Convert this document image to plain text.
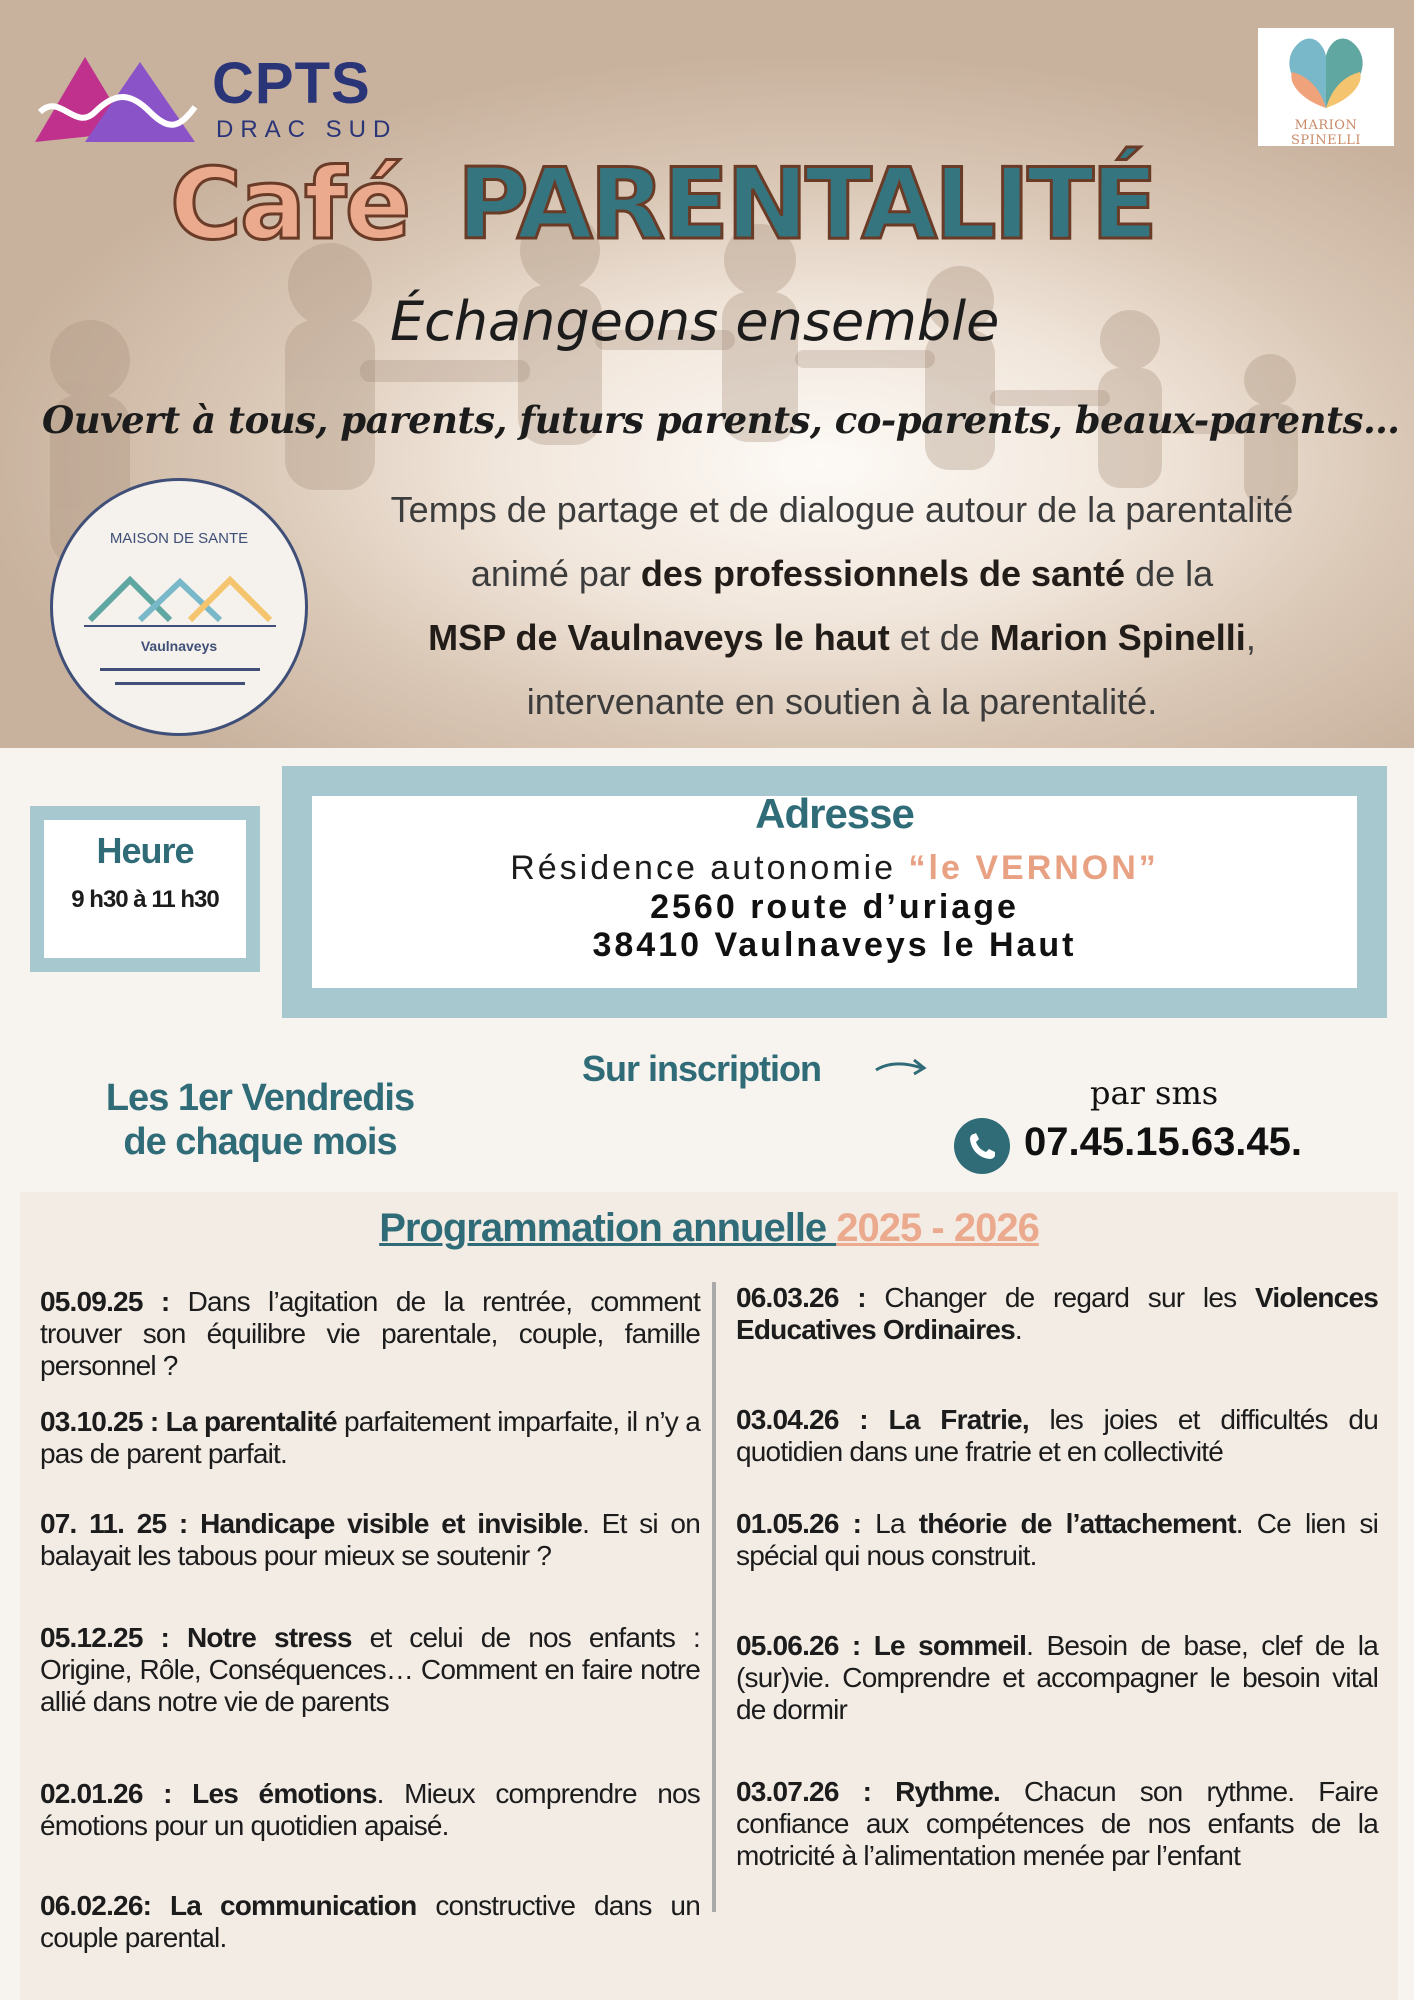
CPTS
DRAC SUD	MARION SPINELLI
Café PARENTALITÉ
Échangeons ensemble
Ouvert à tous, parents, futurs parents, co-parents, beaux-parents…
MAISON DE SANTE
Vaulnaveys
Temps de partage et de dialogue autour de la parentalité
animé par des professionnels de santé de la
MSP de Vaulnaveys le haut et de Marion Spinelli,
intervenante en soutien à la parentalité.
Heure
9 h30 à 11 h30
Adresse
Résidence autonomie “le VERNON”
2560 route d’uriage
38410 Vaulnaveys le Haut
Les 1er Vendredis
de chaque mois
Sur inscription
par sms
07.45.15.63.45.
Programmation annuelle 2025 - 2026
05.09.25 : Dans l’agitation de la rentrée, comment trouver son équilibre vie parentale, couple, famille personnel ?
03.10.25 : La parentalité parfaitement imparfaite, il n’y a pas de parent parfait.
07. 11. 25 : Handicape visible et invisible. Et si on balayait les tabous pour mieux se soutenir ?
05.12.25 : Notre stress et celui de nos enfants : Origine, Rôle, Conséquences… Comment en faire notre allié dans notre vie de parents
02.01.26 : Les émotions. Mieux comprendre nos émotions pour un quotidien apaisé.
06.02.26: La communication constructive dans un couple parental.
06.03.26 : Changer de regard sur les Violences Educatives Ordinaires.
03.04.26 : La Fratrie, les joies et difficultés du quotidien dans une fratrie et en collectivité
01.05.26 : La théorie de l’attachement. Ce lien si spécial qui nous construit.
05.06.26 : Le sommeil. Besoin de base, clef de la (sur)vie. Comprendre et accompagner le besoin vital de dormir
03.07.26 : Rythme. Chacun son rythme. Faire confiance aux compétences de nos enfants de la motricité à l’alimentation menée par l’enfant
